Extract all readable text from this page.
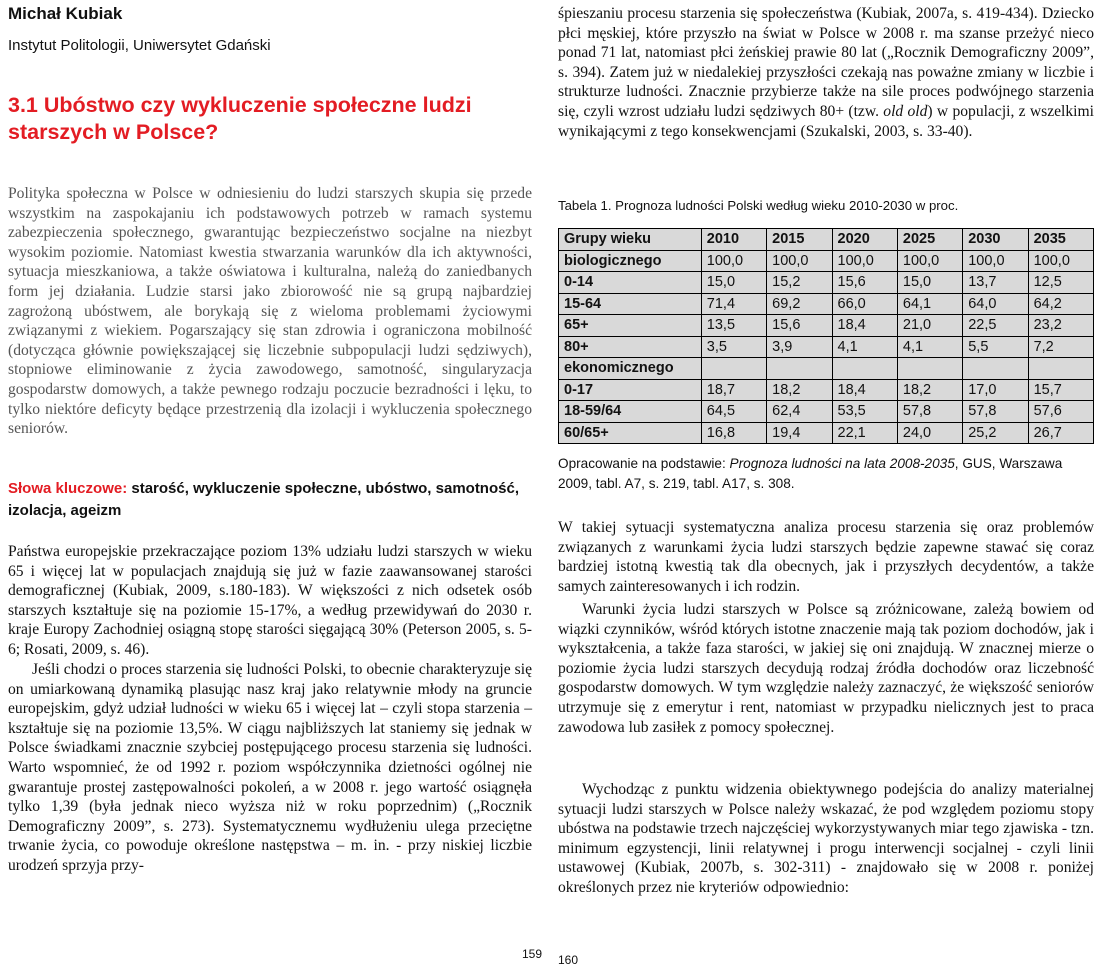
Michał Kubiak
Instytut Politologii, Uniwersytet Gdański
3.1 Ubóstwo czy wykluczenie społeczne ludzi starszych w Polsce?

Polityka społeczna w Polsce w odniesieniu do ludzi starszych skupia się przede wszystkim na zaspokajaniu ich podstawowych potrzeb w ramach systemu zabezpieczenia społecznego, gwarantując bezpieczeństwo socjalne na niezbyt wysokim poziomie. Natomiast kwestia stwarzania warunków dla ich aktywności, sytuacja mieszkaniowa, a także oświatowa i kulturalna, należą do zaniedbanych form jej działania. Ludzie starsi jako zbiorowość nie są grupą najbardziej zagrożoną ubóstwem, ale borykają się z wieloma problemami życiowymi związanymi z wiekiem. Pogarszający się stan zdrowia i ograniczona mobilność (dotycząca głównie powiększającej się liczebnie subpopulacji ludzi sędziwych), stopniowe eliminowanie z życia zawodowego, samotność, singularyzacja gospodarstw domowych, a także pewnego rodzaju poczucie bezradności i lęku, to tylko niektóre deficyty będące przestrzenią dla izolacji i wykluczenia społecznego seniorów.

Słowa kluczowe: starość, wykluczenie społeczne, ubóstwo, samotność, izolacja, ageizm

Państwa europejskie przekraczające poziom 13% udziału ludzi starszych w wieku 65 i więcej lat w populacjach znajdują się już w fazie zaawansowanej starości demograficznej (Kubiak, 2009, s.180-183). W większości z nich odsetek osób starszych kształtuje się na poziomie 15-17%, a według przewidywań do 2030 r. kraje Europy Zachodniej osiągną stopę starości sięgającą 30% (Peterson 2005, s. 5-6; Rosati, 2009, s. 46).

Jeśli chodzi o proces starzenia się ludności Polski, to obecnie charakteryzuje się on umiarkowaną dynamiką plasując nasz kraj jako relatywnie młody na gruncie europejskim, gdyż udział ludności w wieku 65 i więcej lat – czyli stopa starzenia – kształtuje się na poziomie 13,5%. W ciągu najbliższych lat staniemy się jednak w Polsce świadkami znacznie szybciej postępującego procesu starzenia się ludności. Warto wspomnieć, że od 1992 r. poziom współczynnika dzietności ogólnej nie gwarantuje prostej zastępowalności pokoleń, a w 2008 r. jego wartość osiągnęła tylko 1,39 (była jednak nieco wyższa niż w roku poprzednim) („Rocznik Demograficzny 2009”, s. 273). Systematycznemu wydłużeniu ulega przeciętne trwanie życia, co powoduje określone następstwa – m. in. - przy niskiej liczbie urodzeń sprzyja przy-

159

śpieszaniu procesu starzenia się społeczeństwa (Kubiak, 2007a, s. 419-434). Dziecko płci męskiej, które przyszło na świat w Polsce w 2008 r. ma szanse przeżyć nieco ponad 71 lat, natomiast płci żeńskiej prawie 80 lat („Rocznik Demograficzny 2009”, s. 394). Zatem już w niedalekiej przyszłości czekają nas poważne zmiany w liczbie i strukturze ludności. Znacznie przybierze także na sile proces podwójnego starzenia się, czyli wzrost udziału ludzi sędziwych 80+ (tzw. old old) w populacji, z wszelkimi wynikającymi z tego konsekwencjami (Szukalski, 2003, s. 33-40).

Tabela 1. Prognoza ludności Polski według wieku 2010-2030 w proc.
Grupy wieku	2010	2015	2020	2025	2030	2035
biologicznego	100,0	100,0	100,0	100,0	100,0	100,0
0-14	15,0	15,2	15,6	15,0	13,7	12,5
15-64	71,4	69,2	66,0	64,1	64,0	64,2
65+	13,5	15,6	18,4	21,0	22,5	23,2
80+	3,5	3,9	4,1	4,1	5,5	7,2
ekonomicznego						
0-17	18,7	18,2	18,4	18,2	17,0	15,7
18-59/64	64,5	62,4	53,5	57,8	57,8	57,6
60/65+	16,8	19,4	22,1	24,0	25,2	26,7
Opracowanie na podstawie: Prognoza ludności na lata 2008-2035, GUS, Warszawa 2009, tabl. A7, s. 219, tabl. A17, s. 308.

W takiej sytuacji systematyczna analiza procesu starzenia się oraz problemów związanych z warunkami życia ludzi starszych będzie zapewne stawać się coraz bardziej istotną kwestią tak dla obecnych, jak i przyszłych decydentów, a także samych zainteresowanych i ich rodzin.

Warunki życia ludzi starszych w Polsce są zróżnicowane, zależą bowiem od wiązki czynników, wśród których istotne znaczenie mają tak poziom dochodów, jak i wykształcenia, a także faza starości, w jakiej się oni znajdują. W znacznej mierze o poziomie życia ludzi starszych decydują rodzaj źródła dochodów oraz liczebność gospodarstw domowych. W tym względzie należy zaznaczyć, że większość seniorów utrzymuje się z emerytur i rent, natomiast w przypadku nielicznych jest to praca zawodowa lub zasiłek z pomocy społecznej.

Wychodząc z punktu widzenia obiektywnego podejścia do analizy materialnej sytuacji ludzi starszych w Polsce należy wskazać, że pod względem poziomu stopy ubóstwa na podstawie trzech najczęściej wykorzystywanych miar tego zjawiska - tzn. minimum egzystencji, linii relatywnej i progu interwencji socjalnej - czyli linii ustawowej (Kubiak, 2007b, s. 302-311) - znajdowało się w 2008 r. poniżej określonych przez nie kryteriów odpowiednio:

160
